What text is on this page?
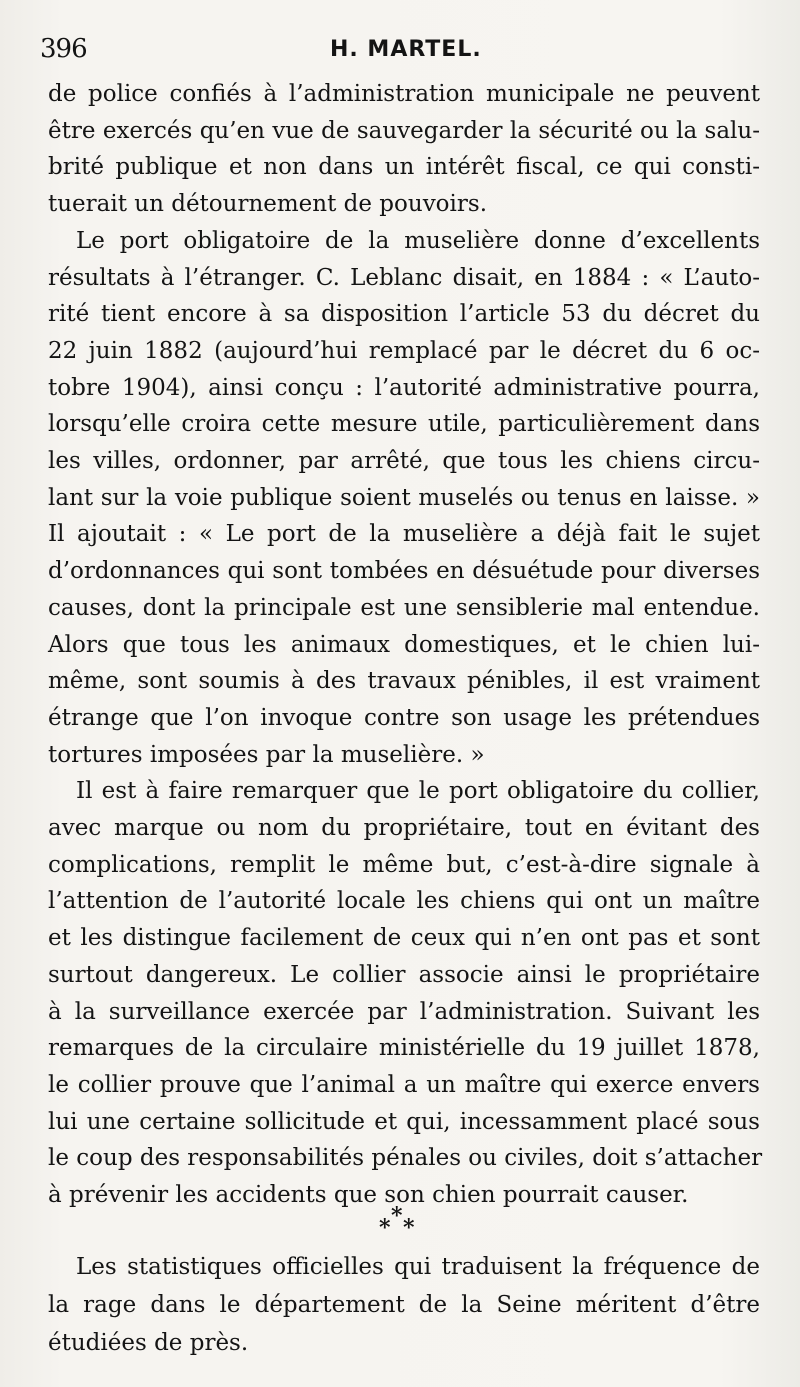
396	H. MARTEL.

de police confiés à l’administration municipale ne peuvent
être exercés qu’en vue de sauvegarder la sécurité ou la salu-
brité publique et non dans un intérêt fiscal, ce qui consti-
tuerait un détournement de pouvoirs.

Le port obligatoire de la muselière donne d’excellents
résultats à l’étranger. C. Leblanc disait, en 1884 : « L’auto-
rité tient encore à sa disposition l’article 53 du décret du
22 juin 1882 (aujourd’hui remplacé par le décret du 6 oc-
tobre 1904), ainsi conçu : l’autorité administrative pourra,
lorsqu’elle croira cette mesure utile, particulièrement dans
les villes, ordonner, par arrêté, que tous les chiens circu-
lant sur la voie publique soient muselés ou tenus en laisse. »
Il ajoutait : « Le port de la muselière a déjà fait le sujet
d’ordonnances qui sont tombées en désuétude pour diverses
causes, dont la principale est une sensiblerie mal entendue.
Alors que tous les animaux domestiques, et le chien lui-
même, sont soumis à des travaux pénibles, il est vraiment
étrange que l’on invoque contre son usage les prétendues
tortures imposées par la muselière. »

Il est à faire remarquer que le port obligatoire du collier,
avec marque ou nom du propriétaire, tout en évitant des
complications, remplit le même but, c’est-à-dire signale à
l’attention de l’autorité locale les chiens qui ont un maître
et les distingue facilement de ceux qui n’en ont pas et sont
surtout dangereux. Le collier associe ainsi le propriétaire
à la surveillance exercée par l’administration. Suivant les
remarques de la circulaire ministérielle du 19 juillet 1878,
le collier prouve que l’animal a un maître qui exerce envers
lui une certaine sollicitude et qui, incessamment placé sous
le coup des responsabilités pénales ou civiles, doit s’attacher
à prévenir les accidents que son chien pourrait causer.

*
* *

Les statistiques officielles qui traduisent la fréquence de
la rage dans le département de la Seine méritent d’être
étudiées de près.
